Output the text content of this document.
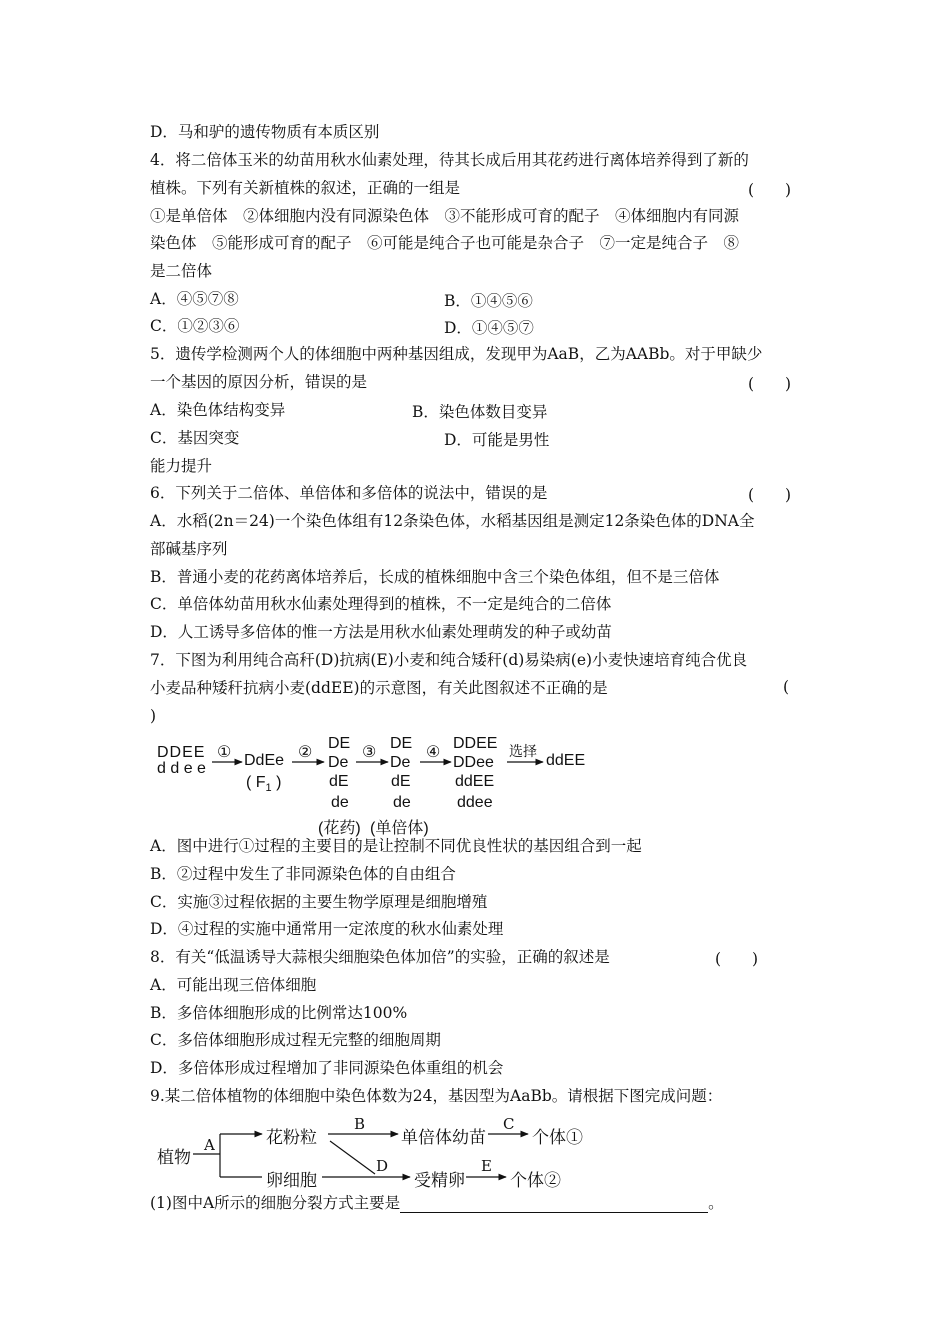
D．马和驴的遗传物质有本质区别
4．将二倍体玉米的幼苗用秋水仙素处理，待其长成后用其花药进行离体培养得到了新的
植株。下列有关新植株的叙述，正确的一组是	(　　)
①是单倍体　②体细胞内没有同源染色体　③不能形成可育的配子　④体细胞内有同源
染色体　⑤能形成可育的配子　⑥可能是纯合子也可能是杂合子　⑦一定是纯合子　⑧
是二倍体
A．④⑤⑦⑧	B．①④⑤⑥
C．①②③⑥	D．①④⑤⑦
5．遗传学检测两个人的体细胞中两种基因组成，发现甲为AaB，乙为AABb。对于甲缺少
一个基因的原因分析，错误的是	(　　)
A．染色体结构变异	B．染色体数目变异
C．基因突变	D．可能是男性
能力提升
6．下列关于二倍体、单倍体和多倍体的说法中，错误的是	(　　)
A．水稻(2n＝24)一个染色体组有12条染色体，水稻基因组是测定12条染色体的DNA全
部碱基序列
B．普通小麦的花药离体培养后，长成的植株细胞中含三个染色体组，但不是三倍体
C．单倍体幼苗用秋水仙素处理得到的植株，不一定是纯合的二倍体
D．人工诱导多倍体的惟一方法是用秋水仙素处理萌发的种子或幼苗
7．下图为利用纯合高秆(D)抗病(E)小麦和纯合矮秆(d)易染病(e)小麦快速培育纯合优良
小麦品种矮秆抗病小麦(ddEE)的示意图，有关此图叙述不正确的是	(
)
DDEE
d d e e
① DdEe
( $F_1$ )
②
DE
De
dE
de
(花药)
③
DE
De
dE
de
(单倍体)
④
DDEE
DDee
ddEE
ddee
选择
ddEE
A．图中进行①过程的主要目的是让控制不同优良性状的基因组合到一起
B．②过程中发生了非同源染色体的自由组合
C．实施③过程依据的主要生物学原理是细胞增殖
D．④过程的实施中通常用一定浓度的秋水仙素处理
8．有关“低温诱导大蒜根尖细胞染色体加倍”的实验，正确的叙述是	(　　)
A．可能出现三倍体细胞
B．多倍体细胞形成的比例常达100%
C．多倍体细胞形成过程无完整的细胞周期
D．多倍体形成过程增加了非同源染色体重组的机会
9.某二倍体植物的体细胞中染色体数为24，基因型为AaBb。请根据下图完成问题：
植物
A	花粉粒
B
单倍体幼苗
C
个体①
卵细胞
D
受精卵
E
个体②
(1)图中A所示的细胞分裂方式主要是	。
